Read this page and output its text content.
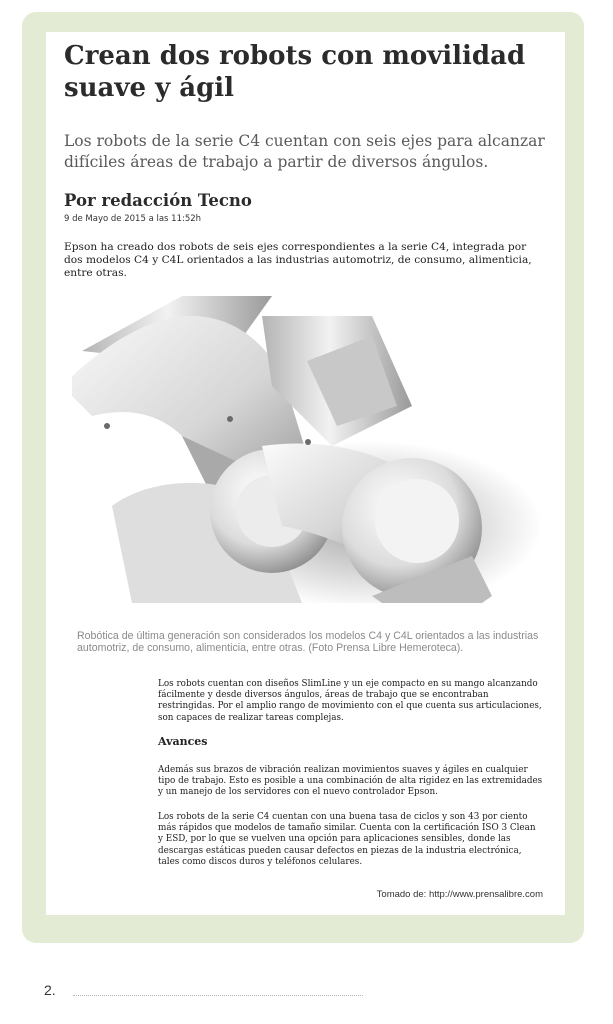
Crean dos robots con movilidad suave y ágil

Los robots de la serie C4 cuentan con seis ejes para alcanzar difíciles áreas de trabajo a partir de diversos ángulos.

Por redacción Tecno
9 de Mayo de 2015 a las 11:52h

Epson ha creado dos robots de seis ejes correspondientes a la serie C4, integrada por dos modelos C4 y C4L orientados a las industrias automotriz, de consumo, alimenticia, entre otras.

Robótica de última generación son considerados los modelos C4 y C4L orientados a las industrias automotriz, de consumo, alimenticia, entre otras. (Foto Prensa Libre Hemeroteca).

Los robots cuentan con diseños SlimLine y un eje compacto en su mango alcanzando fácilmente y desde diversos ángulos, áreas de trabajo que se encontraban restringidas. Por el amplio rango de movimiento con el que cuenta sus articulaciones, son capaces de realizar tareas complejas.

Avances

Además sus brazos de vibración realizan movimientos suaves y ágiles en cualquier tipo de trabajo. Esto es posible a una combinación de alta rigidez en las extremidades y un manejo de los servidores con el nuevo controlador Epson.

Los robots de la serie C4 cuentan con una buena tasa de ciclos y son 43 por ciento más rápidos que modelos de tamaño similar. Cuenta con la certificación ISO 3 Clean y ESD, por lo que se vuelven una opción para aplicaciones sensibles, donde las descargas estáticas pueden causar defectos en piezas de la industria electrónica, tales como discos duros y teléfonos celulares.

Tomado de: http://www.prensalibre.com
2.
